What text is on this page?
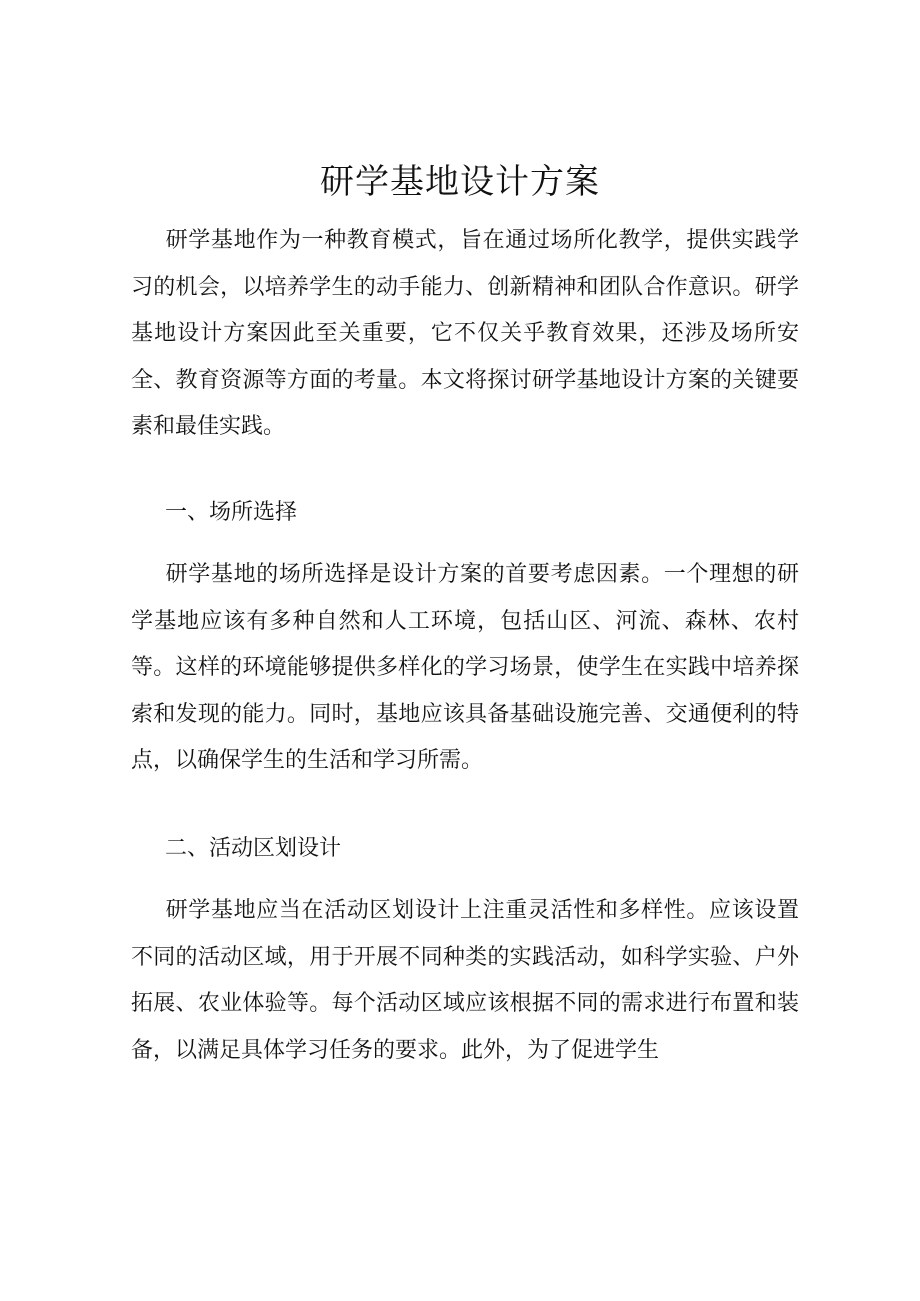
研学基地设计方案

研学基地作为一种教育模式，旨在通过场所化教学，提供实践学习的机会，以培养学生的动手能力、创新精神和团队合作意识。研学基地设计方案因此至关重要，它不仅关乎教育效果，还涉及场所安全、教育资源等方面的考量。本文将探讨研学基地设计方案的关键要素和最佳实践。

一、场所选择

研学基地的场所选择是设计方案的首要考虑因素。一个理想的研学基地应该有多种自然和人工环境，包括山区、河流、森林、农村等。这样的环境能够提供多样化的学习场景，使学生在实践中培养探索和发现的能力。同时，基地应该具备基础设施完善、交通便利的特点，以确保学生的生活和学习所需。

二、活动区划设计

研学基地应当在活动区划设计上注重灵活性和多样性。应该设置不同的活动区域，用于开展不同种类的实践活动，如科学实验、户外拓展、农业体验等。每个活动区域应该根据不同的需求进行布置和装备，以满足具体学习任务的要求。此外，为了促进学生
